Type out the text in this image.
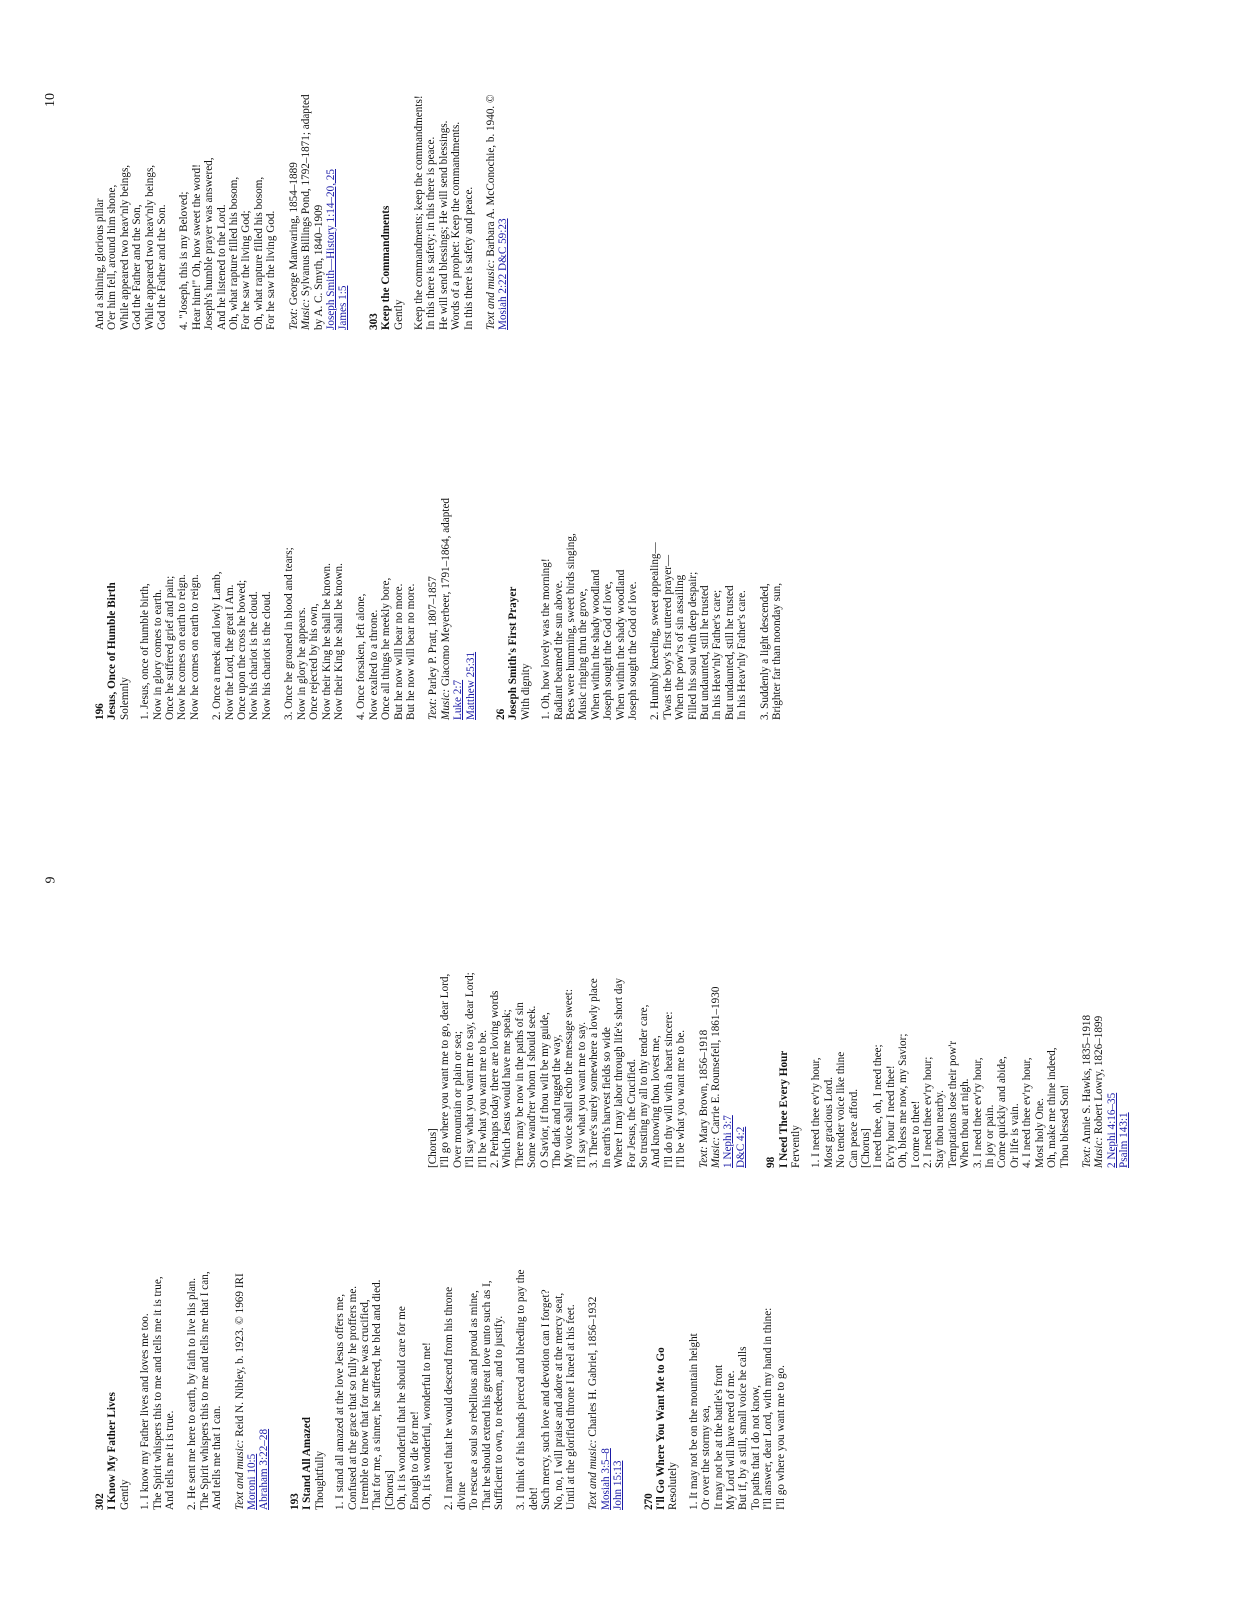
9
10
302 I Know My Father Lives Gently 1. I know my Father lives and loves me too. The Spirit whispers this to me and tells me it is true, And tells me it is true. 2. He sent me here to earth, by faith to live his plan. The Spirit whispers this to me and tells me that I can, And tells me that I can. Text and music: Reid N. Nibley, b. 1923. © 1969 IRI
Moroni 10:5 Abraham 3:22–28 193 I Stand All Amazed Thoughtfully 1. I stand all amazed at the love Jesus offers me, Confused at the grace that so fully he proffers me. I tremble to know that for me he was crucified, That for me, a sinner, he suffered, he bled and died. [Chorus] Oh, it is wonderful that he should care for me Enough to die for me! Oh, it is wonderful, wonderful to me! 2. I marvel that he would descend from his throne divine To rescue a soul so rebellious and proud as mine, That he should extend his great love unto such as I, Sufficient to own, to redeem, and to justify. 3. I think of his hands pierced and bleeding to pay the debt! Such mercy, such love and devotion can I forget? No, no, I will praise and adore at the mercy seat, Until at the glorified throne I kneel at his feet. Text and music: Charles H. Gabriel, 1856–1932
Mosiah 3:5–8 John 15:13 270 I'll Go Where You Want Me to Go Resolutely 1. It may not be on the mountain height Or over the stormy sea, It may not be at the battle's front My Lord will have need of me. But if, by a still, small voice he calls To paths that I do not know, I'll answer, dear Lord, with my hand in thine: I'll go where you want me to go.
[Chorus] I'll go where you want me to go, dear Lord, Over mountain or plain or sea; I'll say what you want me to say, dear Lord; I'll be what you want me to be. 2. Perhaps today there are loving words Which Jesus would have me speak; There may be now in the paths of sin Some wand'rer whom I should seek. O Savior, if thou wilt be my guide, Tho dark and rugged the way, My voice shall echo the message sweet: I'll say what you want me to say. 3. There's surely somewhere a lowly place In earth's harvest fields so wide Where I may labor through life's short day For Jesus, the Crucified. So trusting my all to thy tender care, And knowing thou lovest me, I'll do thy will with a heart sincere: I'll be what you want me to be. Text: Mary Brown, 1856–1918
Music: Carrie E. Rounsefell, 1861–1930
1 Nephi 3:7 D&C 4:2 98 I Need Thee Every Hour Fervently 1. I need thee ev'ry hour, Most gracious Lord. No tender voice like thine Can peace afford. [Chorus] I need thee, oh, I need thee; Ev'ry hour I need thee! Oh, bless me now, my Savior; I come to thee! 2. I need thee ev'ry hour; Stay thou nearby. Temptations lose their pow'r When thou art nigh. 3. I need thee ev'ry hour, In joy or pain. Come quickly and abide, Or life is vain. 4. I need thee ev'ry hour, Most holy One. Oh, make me thine indeed, Thou blessed Son! Text: Annie S. Hawks, 1835–1918
Music: Robert Lowry, 1826–1899 2 Nephi 4:16–35 Psalm 143:1
196 Jesus, Once of Humble Birth Solemnly 1. Jesus, once of humble birth, Now in glory comes to earth. Once he suffered grief and pain; Now he comes on earth to reign. Now he comes on earth to reign. 2. Once a meek and lowly Lamb, Now the Lord, the great I Am. Once upon the cross he bowed; Now his chariot is the cloud. Now his chariot is the cloud. 3. Once he groaned in blood and tears; Now in glory he appears. Once rejected by his own, Now their King he shall be known. Now their King he shall be known. 4. Once forsaken, left alone, Now exalted to a throne. Once all things he meekly bore, But he now will bear no more. But he now will bear no more. Text: Parley P. Pratt, 1807–1857
Music: Giacomo Meyerbeer, 1791–1864, adapted
Luke 2:7 Matthew 25:31 26 Joseph Smith's First Prayer With dignity 1. Oh, how lovely was the morning! Radiant beamed the sun above. Bees were humming, sweet birds singing, Music ringing thru the grove, When within the shady woodland Joseph sought the God of love, When within the shady woodland Joseph sought the God of love. 2. Humbly kneeling, sweet appealing— 'Twas the boy's first uttered prayer— When the pow'rs of sin assailing Filled his soul with deep despair; But undaunted, still he trusted In his Heav'nly Father's care; But undaunted, still he trusted In his Heav'nly Father's care. 3. Suddenly a light descended, Brighter far than noonday sun,
And a shining, glorious pillar O'er him fell, around him shone, While appeared two heav'nly beings, God the Father and the Son, While appeared two heav'nly beings, God the Father and the Son. 4. "Joseph, this is my Beloved; Hear him!" Oh, how sweet the word! Joseph's humble prayer was answered, And he listened to the Lord. Oh, what rapture filled his bosom, For he saw the living God; Oh, what rapture filled his bosom, For he saw the living God. Text: George Manwaring, 1854–1889
Music: Sylvanus Billings Pond, 1792–1871; adapted by A. C. Smyth, 1840–1909 Joseph Smith—History 1:14–20, 25 James 1:5 303 Keep the Commandments Gently Keep the commandments; keep the commandments! In this there is safety; in this there is peace. He will send blessings; He will send blessings. Words of a prophet: Keep the commandments. In this there is safety and peace. Text and music: Barbara A. McConochie, b. 1940. ©
Mosiah 2:22 D&C 59:23
